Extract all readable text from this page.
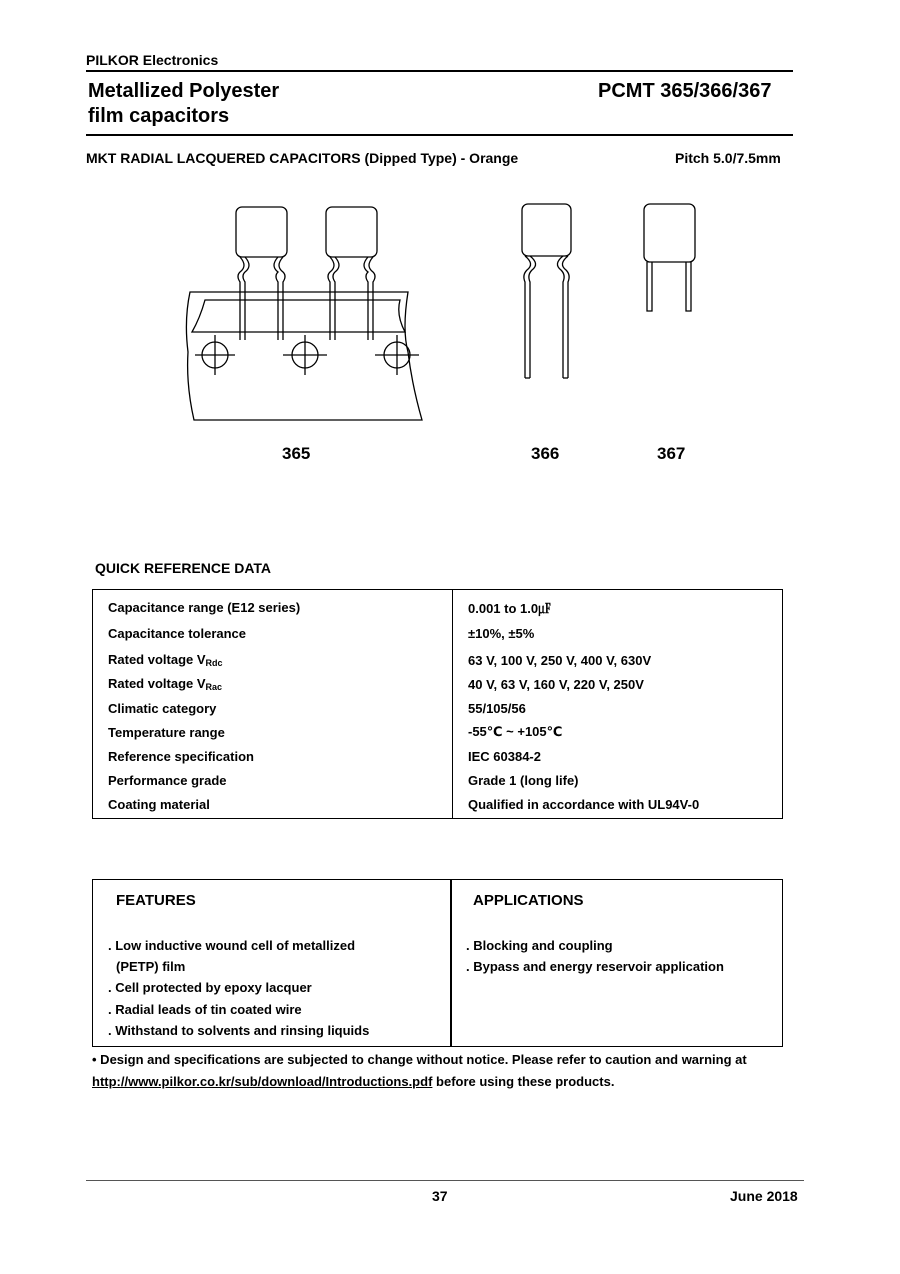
PILKOR Electronics
Metallized Polyester
film capacitors
PCMT 365/366/367
MKT RADIAL LACQUERED CAPACITORS (Dipped Type) - Orange	Pitch 5.0/7.5mm
365	366	367
QUICK REFERENCE DATA
Capacitance range (E12 series)	0.001 to 1.0㎌
Capacitance tolerance	±10%, ±5%
Rated voltage $V_{Rdc}$	63 V, 100 V, 250 V, 400 V, 630V
Rated voltage $V_{Rac}$	40 V, 63 V, 160 V, 220 V, 250V
Climatic category	55/105/56
Temperature range	-55℃ ~ +105℃
Reference specification	IEC 60384-2
Performance grade	Grade 1 (long life)
Coating material	Qualified in accordance with UL94V-0
FEATURES
. Low inductive wound cell of metallized
(PETP) film
. Cell protected by epoxy lacquer
. Radial leads of tin coated wire
. Withstand to solvents and rinsing liquids
APPLICATIONS
. Blocking and coupling
. Bypass and energy reservoir application
• Design and specifications are subjected to change without notice. Please refer to caution and warning at http://www.pilkor.co.kr/sub/download/Introductions.pdf before using these products.
37	June 2018
